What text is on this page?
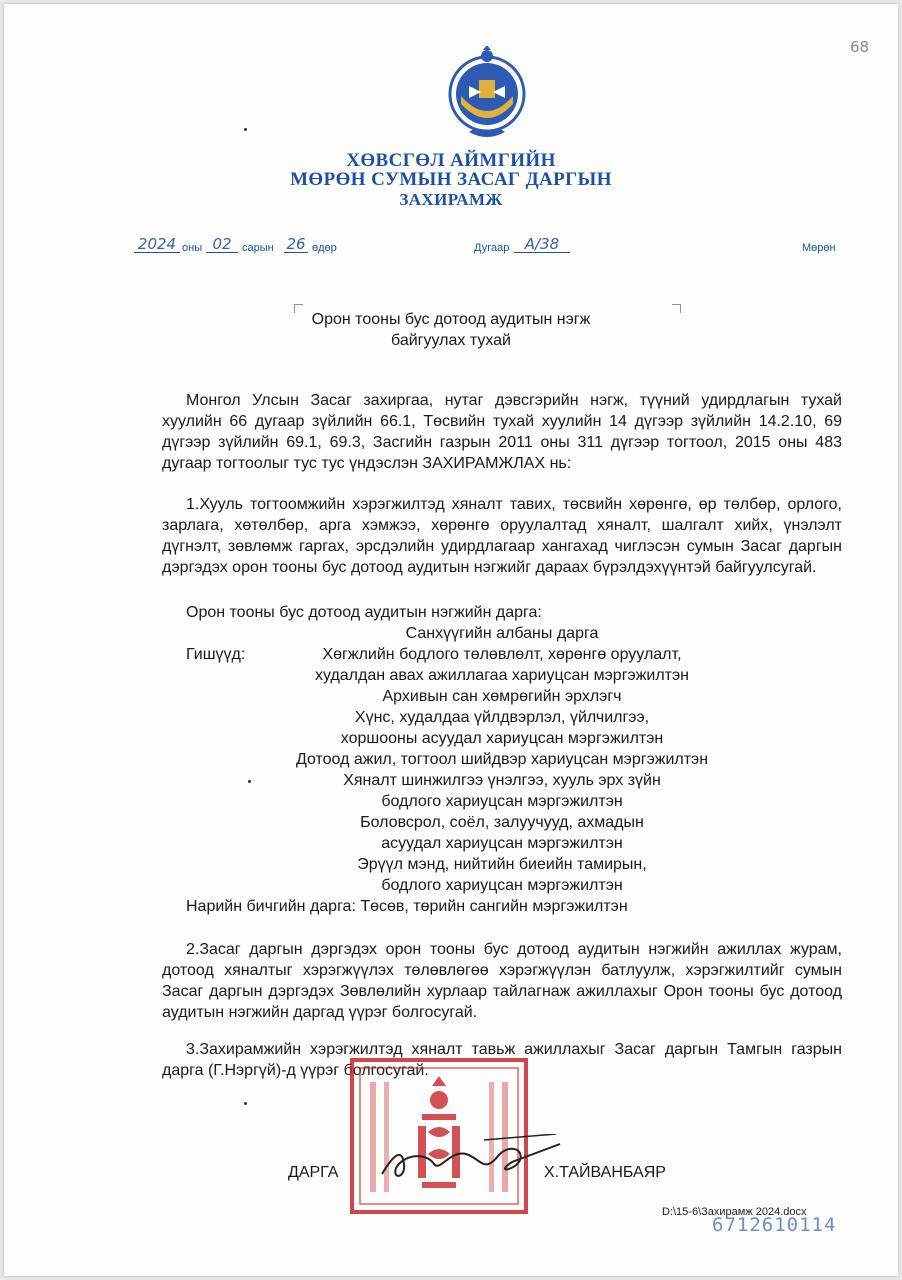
68
ХӨВСГӨЛ АЙМГИЙН
МӨРӨН СУМЫН ЗАСАГ ДАРГЫН
ЗАХИРАМЖ
2024 оны 02 сарын 26 өдөр	Дугаар	А/38	Мөрөн
Орон тооны бус дотоод аудитын нэгж
байгуулах тухай
Монгол Улсын Засаг захиргаа, нутаг дэвсгэрийн нэгж, түүний удирдлагын тухай хуулийн 66 дугаар зүйлийн 66.1, Төсвийн тухай хуулийн 14 дүгээр зүйлийн 14.2.10, 69 дүгээр зүйлийн 69.1, 69.3, Засгийн газрын 2011 оны 311 дүгээр тогтоол, 2015 оны 483 дугаар тогтоолыг тус тус үндэслэн ЗАХИРАМЖЛАХ нь:
1.Хууль тогтоомжийн хэрэгжилтэд хяналт тавих, төсвийн хөрөнгө, өр төлбөр, орлого, зарлага, хөтөлбөр, арга хэмжээ, хөрөнгө оруулалтад хяналт, шалгалт хийх, үнэлэлт дүгнэлт, зөвлөмж гаргах, эрсдэлийн удирдлагаар хангахад чиглэсэн сумын Засаг даргын дэргэдэх орон тооны бус дотоод аудитын нэгжийг дараах бүрэлдэхүүнтэй байгуулсугай.
Орон тооны бус дотоод аудитын нэгжийн дарга:
Санхүүгийн албаны дарга
Гишүүд:	Хөгжлийн бодлого төлөвлөлт, хөрөнгө оруулалт,
худалдан авах ажиллагаа хариуцсан мэргэжилтэн
Архивын сан хөмрөгийн эрхлэгч
Хүнс, худалдаа үйлдвэрлэл, үйлчилгээ,
хоршооны асуудал хариуцсан мэргэжилтэн
Дотоод ажил, тогтоол шийдвэр хариуцсан мэргэжилтэн
Хяналт шинжилгээ үнэлгээ, хууль эрх зүйн
бодлого хариуцсан мэргэжилтэн
Боловсрол, соёл, залуучууд, ахмадын
асуудал хариуцсан мэргэжилтэн
Эрүүл мэнд, нийтийн биеийн тамирын,
бодлого хариуцсан мэргэжилтэн
Нарийн бичгийн дарга: Төсөв, төрийн сангийн мэргэжилтэн
2.Засаг даргын дэргэдэх орон тооны бус дотоод аудитын нэгжийн ажиллах журам, дотоод хяналтыг хэрэгжүүлэх төлөвлөгөө хэрэгжүүлэн батлуулж, хэрэгжилтийг сумын Засаг даргын дэргэдэх Зөвлөлийн хурлаар тайлагнаж ажиллахыг Орон тооны бус дотоод аудитын нэгжийн даргад үүрэг болгосугай.
3.Захирамжийн хэрэгжилтэд хяналт тавьж ажиллахыг Засаг даргын Тамгын газрын дарга (Г.Нэргүй)-д үүрэг болгосугай.
ДАРГА	Х.ТАЙВАНБАЯР
D:\15-6\Захирамж 2024.docx
6712610114
